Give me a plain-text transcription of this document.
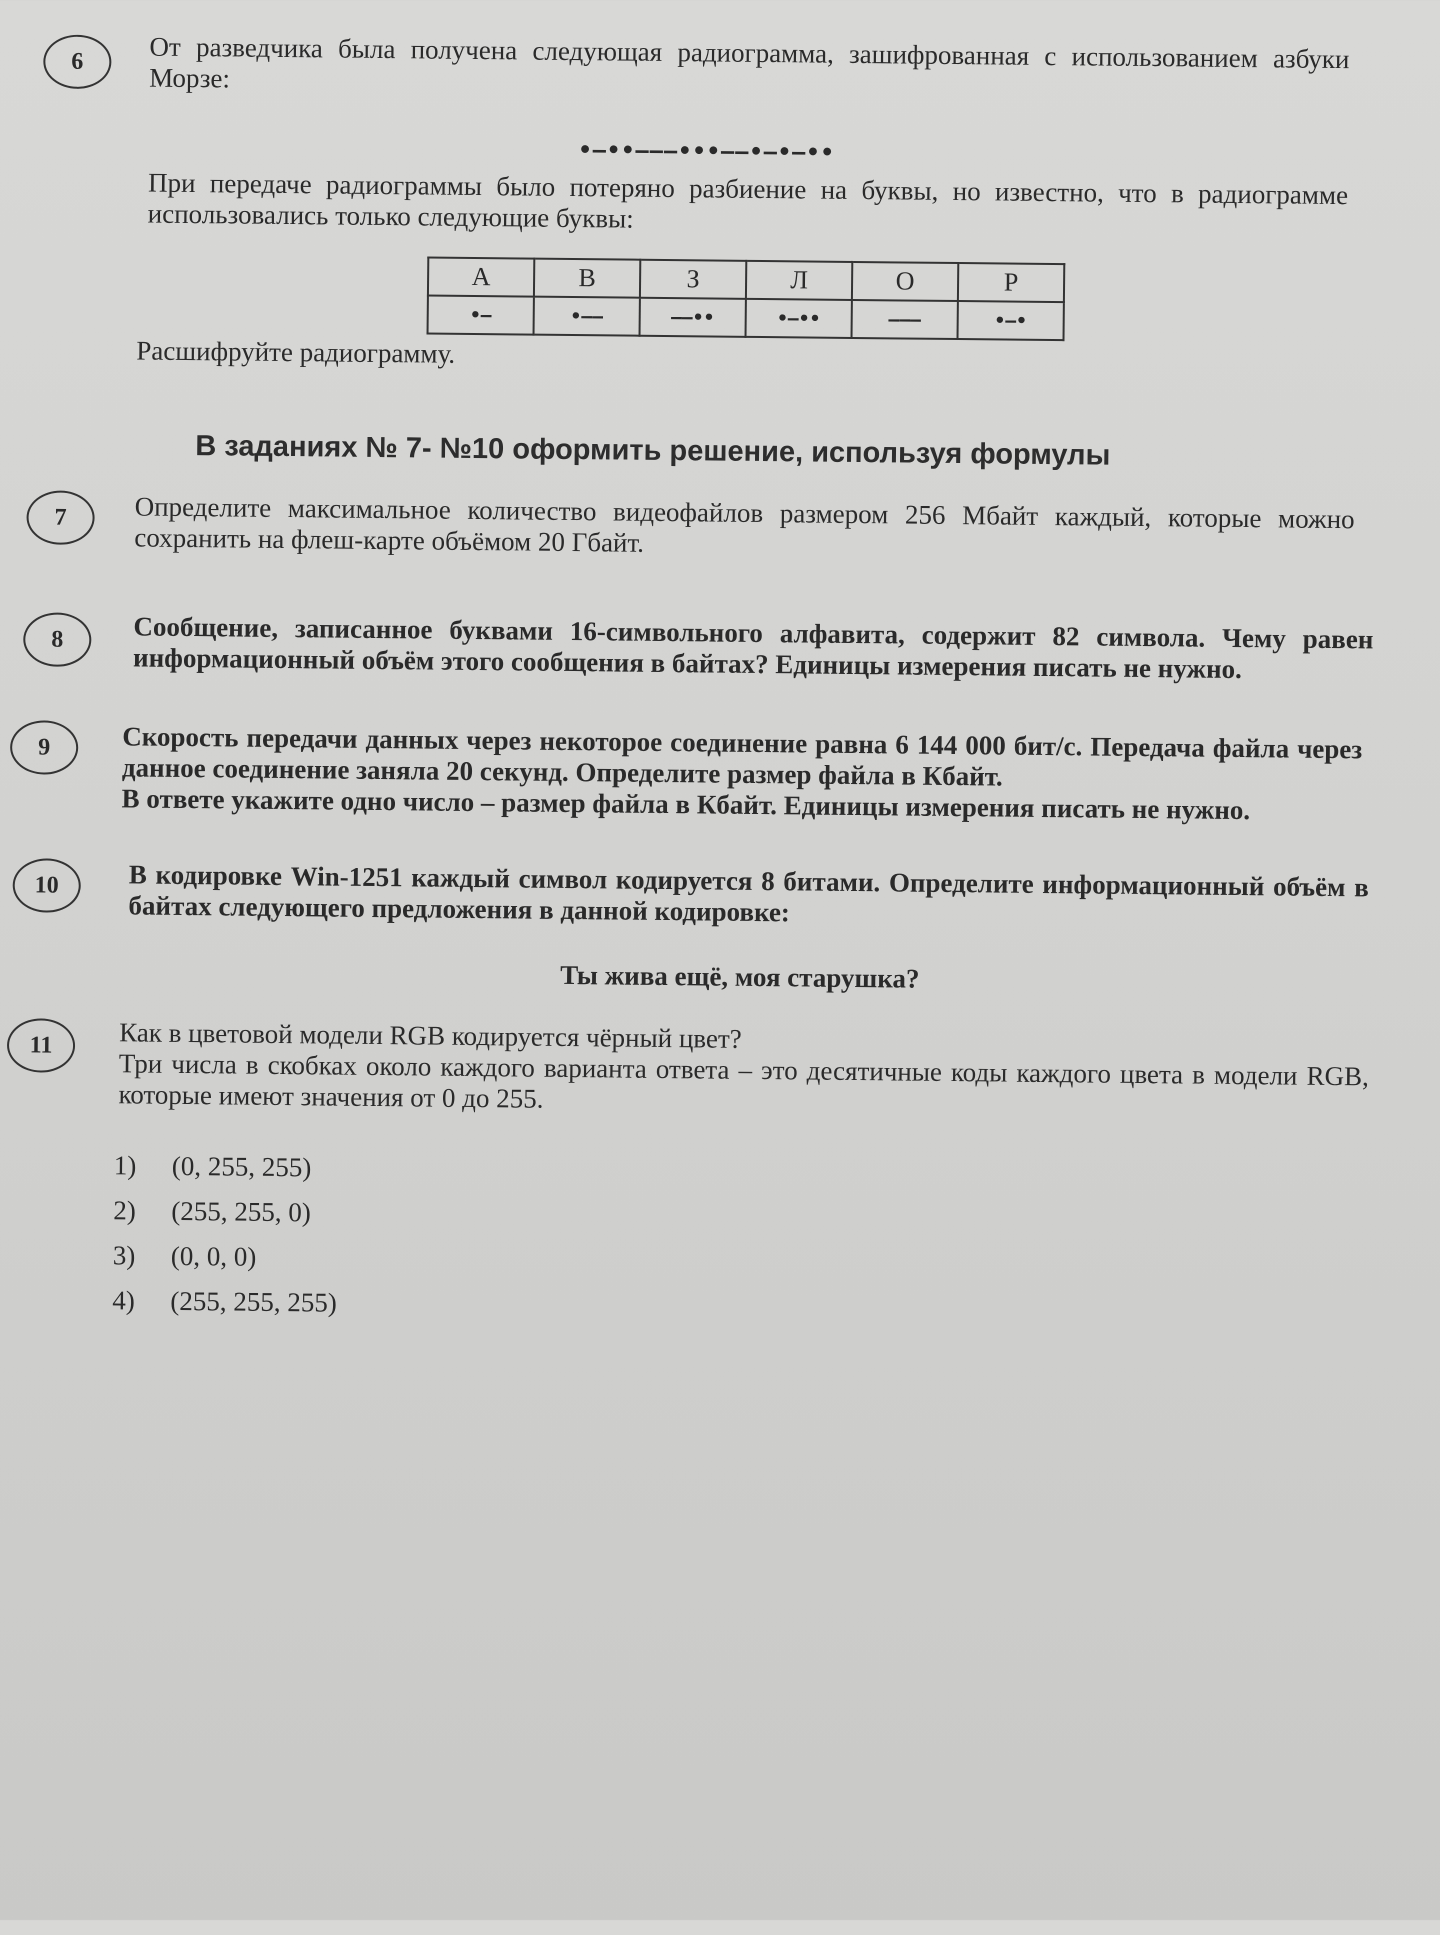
6	От разведчика была получена следующая радиограмма, зашифрованная с использованием азбуки Морзе:

•–••–––•••––•–•–••

При передаче радиограммы было потеряно разбиение на буквы, но известно, что в радиограмме использовались только следующие буквы:

А	В	З	Л	О	Р
•–	•––	––••	•–••	–––	•–•

Расшифруйте радиограмму.

В заданиях № 7- №10 оформить решение, используя формулы
7	Определите максимальное количество видеофайлов размером 256 Мбайт каждый, которые можно сохранить на флеш-карте объёмом 20 Гбайт.

8	Сообщение, записанное буквами 16-символьного алфавита, содержит 82 символа. Чему равен информационный объём этого сообщения в байтах? Единицы измерения писать не нужно.

9	Скорость передачи данных через некоторое соединение равна 6 144 000 бит/с. Передача файла через данное соединение заняла 20 секунд. Определите размер файла в Кбайт.

В ответе укажите одно число – размер файла в Кбайт. Единицы измерения писать не нужно.

10	В кодировке Win-1251 каждый символ кодируется 8 битами. Определите информационный объём в байтах следующего предложения в данной кодировке:

Ты жива ещё, моя старушка?
11	Как в цветовой модели RGB кодируется чёрный цвет?

Три числа в скобках около каждого варианта ответа – это десятичные коды каждого цвета в модели RGB, которые имеют значения от 0 до 255.

1)	(0, 255, 255)
2)	(255, 255, 0)
3)	(0, 0, 0)
4)	(255, 255, 255)
